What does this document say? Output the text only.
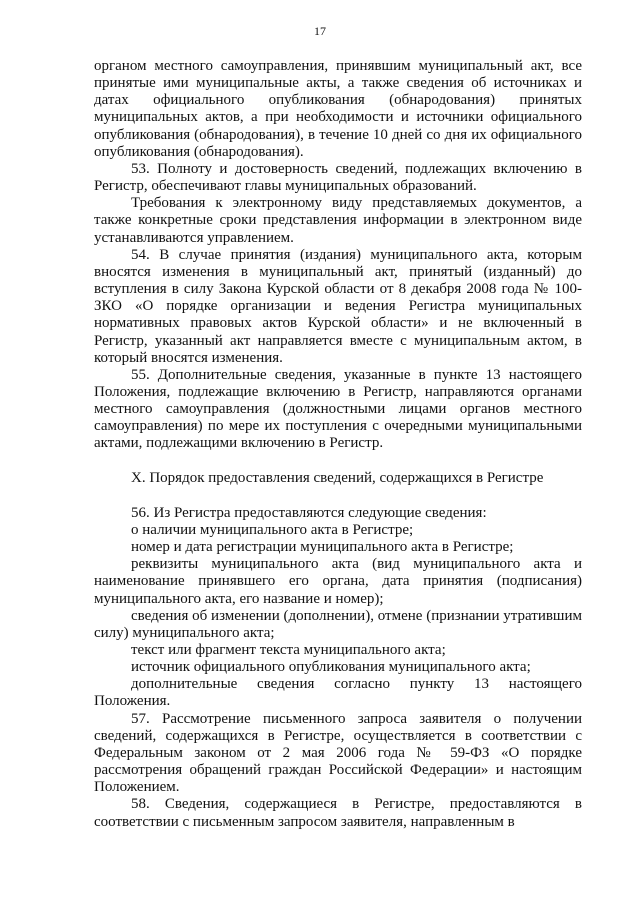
17

органом местного самоуправления, принявшим муниципальный акт, все принятые ими муниципальные акты, а также сведения об источниках и датах официального опубликования (обнародования) принятых муниципальных актов, а при необходимости и источники официального опубликования (обнародования), в течение 10 дней со дня их официального опубликования (обнародования).

53. Полноту и достоверность сведений, подлежащих включению в Регистр, обеспечивают главы муниципальных образований.

Требования к электронному виду представляемых документов, а также конкретные сроки представления информации в электронном виде устанавливаются управлением.

54. В случае принятия (издания) муниципального акта, которым вносятся изменения в муниципальный акт, принятый (изданный) до вступления в силу Закона Курской области от 8 декабря 2008 года № 100-ЗКО «О порядке организации и ведения Регистра муниципальных нормативных правовых актов Курской области» и не включенный в Регистр, указанный акт направляется вместе с муниципальным актом, в который вносятся изменения.

55. Дополнительные сведения, указанные в пункте 13 настоящего Положения, подлежащие включению в Регистр, направляются органами местного самоуправления (должностными лицами органов местного самоуправления) по мере их поступления с очередными муниципальными актами, подлежащими включению в Регистр.

X. Порядок предоставления сведений, содержащихся в Регистре

56. Из Регистра предоставляются следующие сведения:

о наличии муниципального акта в Регистре;

номер и дата регистрации муниципального акта в Регистре;

реквизиты муниципального акта (вид муниципального акта и наименование принявшего его органа, дата принятия (подписания) муниципального акта, его название и номер);

сведения об изменении (дополнении), отмене (признании утратившим силу) муниципального акта;

текст или фрагмент текста муниципального акта;

источник официального опубликования муниципального акта;

дополнительные сведения согласно пункту 13 настоящего Положения.

57. Рассмотрение письменного запроса заявителя о получении сведений, содержащихся в Регистре, осуществляется в соответствии с Федеральным законом от 2 мая 2006 года № 59-ФЗ «О порядке рассмотрения обращений граждан Российской Федерации» и настоящим Положением.

58. Сведения, содержащиеся в Регистре, предоставляются в соответствии с письменным запросом заявителя, направленным в
